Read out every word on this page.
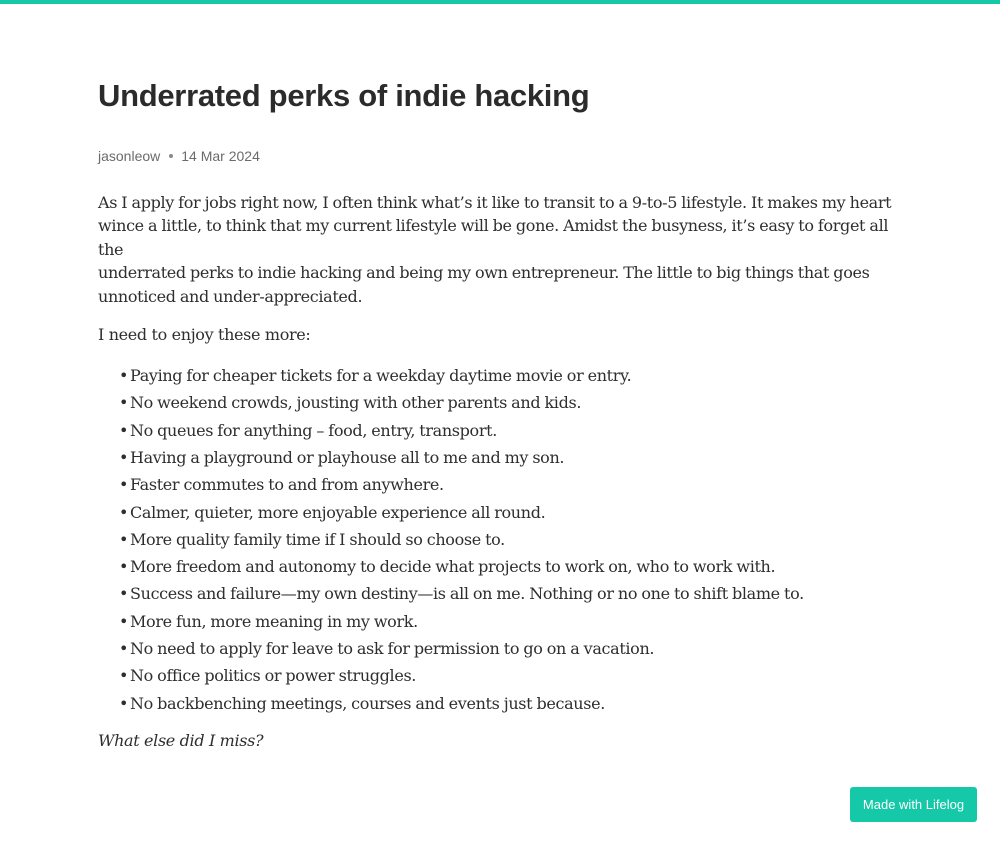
Underrated perks of indie hacking
jasonleow 14 Mar 2024

As I apply for jobs right now, I often think what’s it like to transit to a 9-to-5 lifestyle. It makes my heart
wince a little, to think that my current lifestyle will be gone. Amidst the busyness, it’s easy to forget all the
underrated perks to indie hacking and being my own entrepreneur. The little to big things that goes
unnoticed and under-appreciated.

I need to enjoy these more:

• Paying for cheaper tickets for a weekday daytime movie or entry.
• No weekend crowds, jousting with other parents and kids.
• No queues for anything – food, entry, transport.
• Having a playground or playhouse all to me and my son.
• Faster commutes to and from anywhere.
• Calmer, quieter, more enjoyable experience all round.
• More quality family time if I should so choose to.
• More freedom and autonomy to decide what projects to work on, who to work with.
• Success and failure—my own destiny—is all on me. Nothing or no one to shift blame to.
• More fun, more meaning in my work.
• No need to apply for leave to ask for permission to go on a vacation.
• No office politics or power struggles.
• No backbenching meetings, courses and events just because.

What else did I miss?

Made with Lifelog
